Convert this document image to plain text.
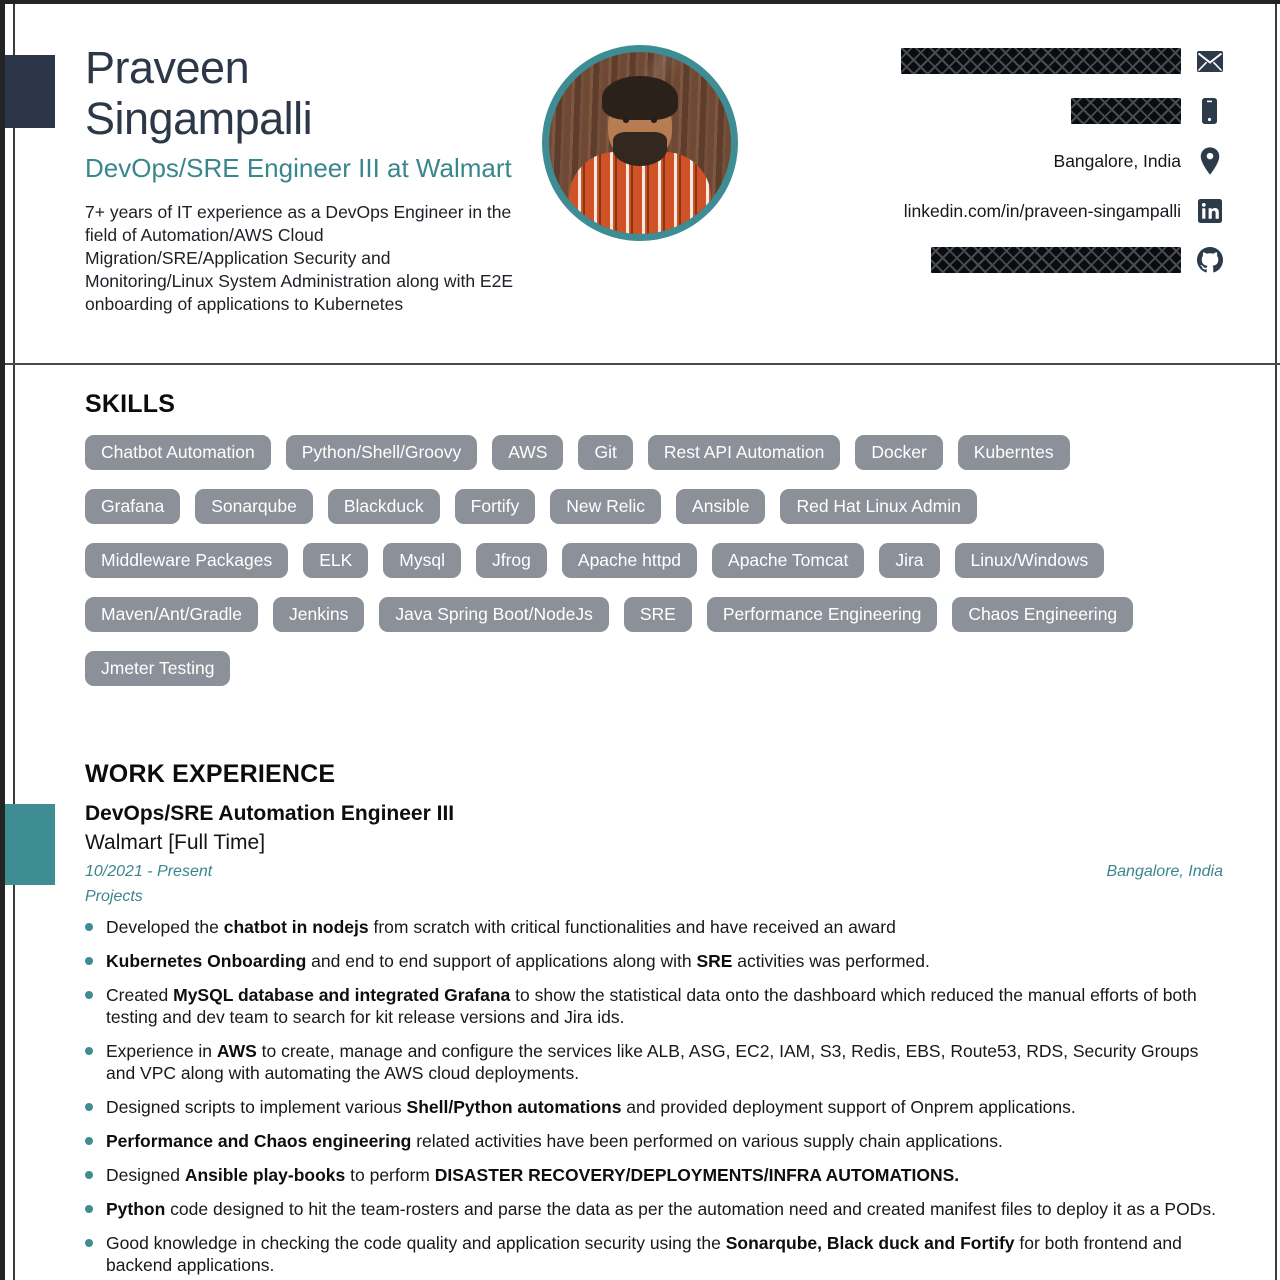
Praveen
Singampalli
DevOps/SRE Engineer III at Walmart
7+ years of IT experience as a DevOps Engineer in the field of Automation/AWS Cloud Migration/SRE/Application Security and Monitoring/Linux System Administration along with E2E onboarding of applications to Kubernetes
Bangalore, India
linkedin.com/in/praveen-singampalli
SKILLS
Chatbot Automation	Python/Shell/Groovy	AWS	Git	Rest API Automation	Docker	Kuberntes
Grafana	Sonarqube	Blackduck	Fortify	New Relic	Ansible	Red Hat Linux Admin
Middleware Packages	ELK	Mysql	Jfrog	Apache httpd	Apache Tomcat	Jira	Linux/Windows
Maven/Ant/Gradle	Jenkins	Java Spring Boot/NodeJs	SRE	Performance Engineering	Chaos Engineering
Jmeter Testing
WORK EXPERIENCE
DevOps/SRE Automation Engineer III
Walmart [Full Time]
10/2021 - Present	Bangalore, India
Projects
Developed the chatbot in nodejs from scratch with critical functionalities and have received an award
Kubernetes Onboarding and end to end support of applications along with SRE activities was performed.
Created MySQL database and integrated Grafana to show the statistical data onto the dashboard which reduced the manual efforts of both testing and dev team to search for kit release versions and Jira ids.
Experience in AWS to create, manage and configure the services like ALB, ASG, EC2, IAM, S3, Redis, EBS, Route53, RDS, Security Groups and VPC along with automating the AWS cloud deployments.
Designed scripts to implement various Shell/Python automations and provided deployment support of Onprem applications.
Performance and Chaos engineering related activities have been performed on various supply chain applications.
Designed Ansible play-books to perform DISASTER RECOVERY/DEPLOYMENTS/INFRA AUTOMATIONS.
Python code designed to hit the team-rosters and parse the data as per the automation need and created manifest files to deploy it as a PODs.
Good knowledge in checking the code quality and application security using the Sonarqube, Black duck and Fortify for both frontend and backend applications.
